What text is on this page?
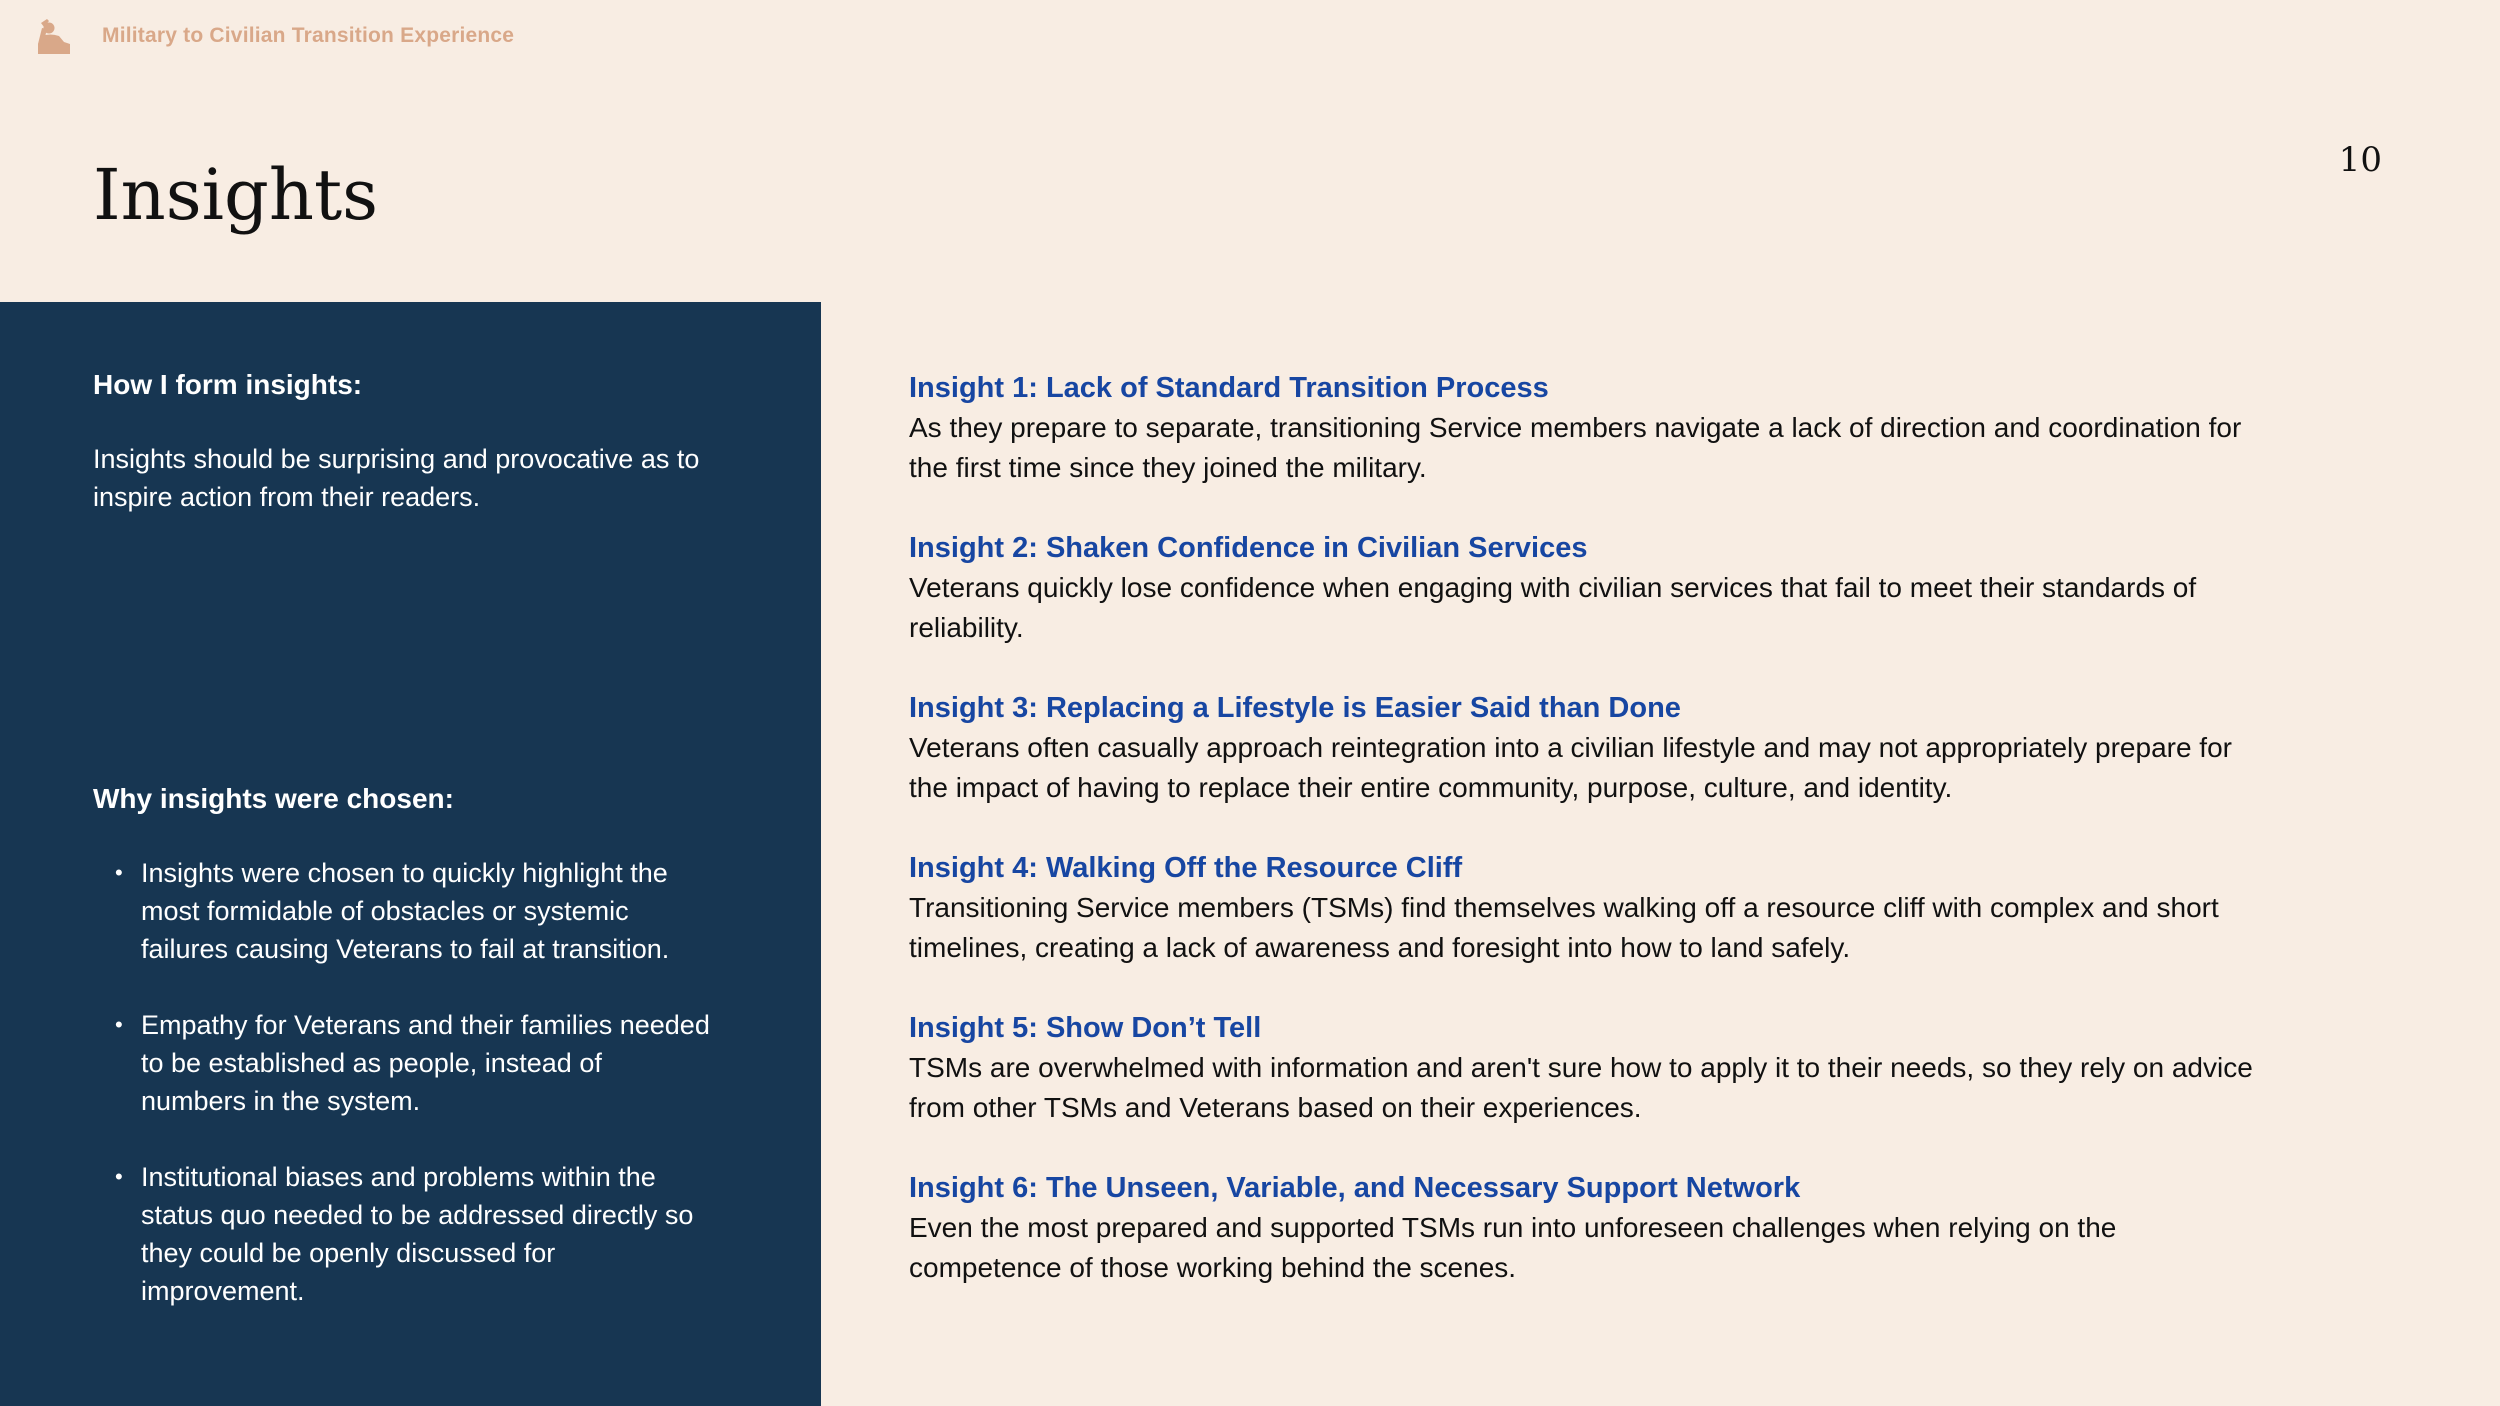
Military to Civilian Transition Experience
10
Insights

How I form insights:

Insights should be surprising and provocative as to inspire action from their readers.

Why insights were chosen:

• Insights were chosen to quickly highlight the most formidable of obstacles or systemic failures causing Veterans to fail at transition.
• Empathy for Veterans and their families needed to be established as people, instead of numbers in the system.
• Institutional biases and problems within the status quo needed to be addressed directly so they could be openly discussed for improvement.

Insight 1: Lack of Standard Transition Process

As they prepare to separate, transitioning Service members navigate a lack of direction and coordination for the first time since they joined the military.

Insight 2: Shaken Confidence in Civilian Services

Veterans quickly lose confidence when engaging with civilian services that fail to meet their standards of reliability.

Insight 3: Replacing a Lifestyle is Easier Said than Done

Veterans often casually approach reintegration into a civilian lifestyle and may not appropriately prepare for the impact of having to replace their entire community, purpose, culture, and identity.

Insight 4: Walking Off the Resource Cliff

Transitioning Service members (TSMs) find themselves walking off a resource cliff with complex and short timelines, creating a lack of awareness and foresight into how to land safely.

Insight 5: Show Don’t Tell

TSMs are overwhelmed with information and aren't sure how to apply it to their needs, so they rely on advice from other TSMs and Veterans based on their experiences.

Insight 6: The Unseen, Variable, and Necessary Support Network

Even the most prepared and supported TSMs run into unforeseen challenges when relying on the competence of those working behind the scenes.
